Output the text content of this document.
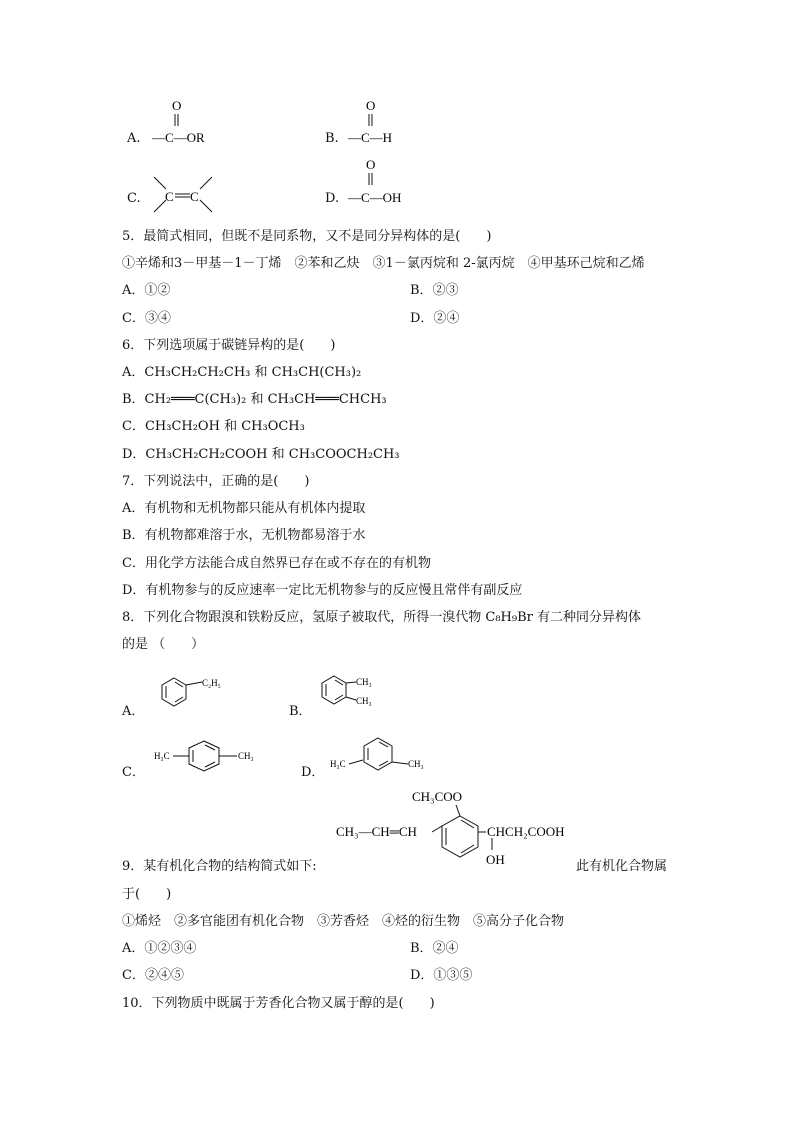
A.
O
—C—OR	B.
O
—C—H
C. C C	D.
O
—C—OH
5．最简式相同，但既不是同系物，又不是同分异构体的是(　　)
①辛烯和3－甲基－1－丁烯　②苯和乙炔　③1－氯丙烷和 2-氯丙烷　④甲基环己烷和乙烯
A．①②	B．②③
C．③④	D．②④
6．下列选项属于碳链异构的是(　　)
A．CH₃CH₂CH₂CH₃ 和 CH₃CH(CH₃)₂
B．CH₂═══C(CH₃)₂ 和 CH₃CH═══CHCH₃
C．CH₃CH₂OH 和 CH₃OCH₃
D．CH₃CH₂CH₂COOH 和 CH₃COOCH₂CH₃
7．下列说法中，正确的是(　　)
A．有机物和无机物都只能从有机体内提取
B．有机物都难溶于水，无机物都易溶于水
C．用化学方法能合成自然界已存在或不存在的有机物
D．有机物参与的反应速率一定比无机物参与的反应慢且常伴有副反应
8．下列化合物跟溴和铁粉反应，氢原子被取代，所得一溴代物 C₈H₉Br 有二种同分异构体
的是 （　　）
A．
C₂H₅
B．
CH₃
CH₃
C．
H₃C	CH₃
D．
H₃C	CH₃
CH₃COO
CH₃—CH═CH	CHCH₂COOH
OH
9．某有机化合物的结构简式如下:	此有机化合物属
于(　　)
①烯烃　②多官能团有机化合物　③芳香烃　④烃的衍生物　⑤高分子化合物
A．①②③④	B．②④
C．②④⑤	D．①③⑤
10．下列物质中既属于芳香化合物又属于醇的是(　　)
